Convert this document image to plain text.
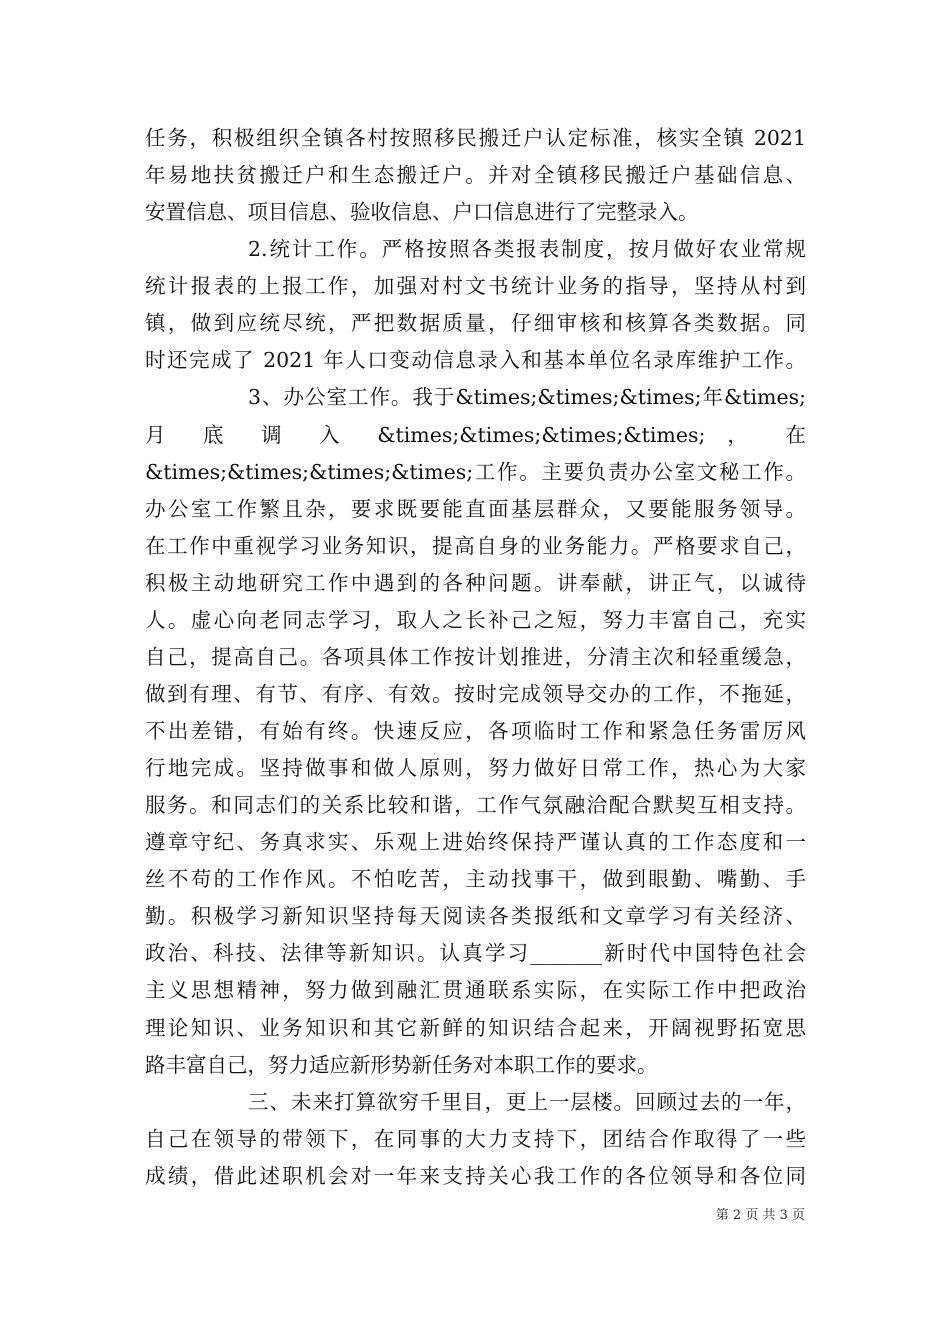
任务，积极组织全镇各村按照移民搬迁户认定标准，核实全镇 2021
年易地扶贫搬迁户和生态搬迁户。并对全镇移民搬迁户基础信息、
安置信息、项目信息、验收信息、户口信息进行了完整录入。
2.统计工作。严格按照各类报表制度，按月做好农业常规
统计报表的上报工作，加强对村文书统计业务的指导，坚持从村到
镇，做到应统尽统，严把数据质量，仔细审核和核算各类数据。同
时还完成了 2021 年人口变动信息录入和基本单位名录库维护工作。
3、办公室工作。我于&times;&times;&times;年&times;
月 底 调 入 &times;&times;&times;&times; ， 在
&times;&times;&times;&times;工作。主要负责办公室文秘工作。
办公室工作繁且杂，要求既要能直面基层群众，又要能服务领导。
在工作中重视学习业务知识，提高自身的业务能力。严格要求自己，
积极主动地研究工作中遇到的各种问题。讲奉献，讲正气，以诚待
人。虚心向老同志学习，取人之长补己之短，努力丰富自己，充实
自己，提高自己。各项具体工作按计划推进，分清主次和轻重缓急，
做到有理、有节、有序、有效。按时完成领导交办的工作，不拖延，
不出差错，有始有终。快速反应，各项临时工作和紧急任务雷厉风
行地完成。坚持做事和做人原则，努力做好日常工作，热心为大家
服务。和同志们的关系比较和谐，工作气氛融洽配合默契互相支持。
遵章守纪、务真求实、乐观上进始终保持严谨认真的工作态度和一
丝不苟的工作作风。不怕吃苦，主动找事干，做到眼勤、嘴勤、手
勤。积极学习新知识坚持每天阅读各类报纸和文章学习有关经济、
政治、科技、法律等新知识。认真学习_______新时代中国特色社会
主义思想精神，努力做到融汇贯通联系实际，在实际工作中把政治
理论知识、业务知识和其它新鲜的知识结合起来，开阔视野拓宽思
路丰富自己，努力适应新形势新任务对本职工作的要求。
三、未来打算欲穷千里目，更上一层楼。回顾过去的一年，
自己在领导的带领下，在同事的大力支持下，团结合作取得了一些
成绩，借此述职机会对一年来支持关心我工作的各位领导和各位同
第 2 页 共 3 页
